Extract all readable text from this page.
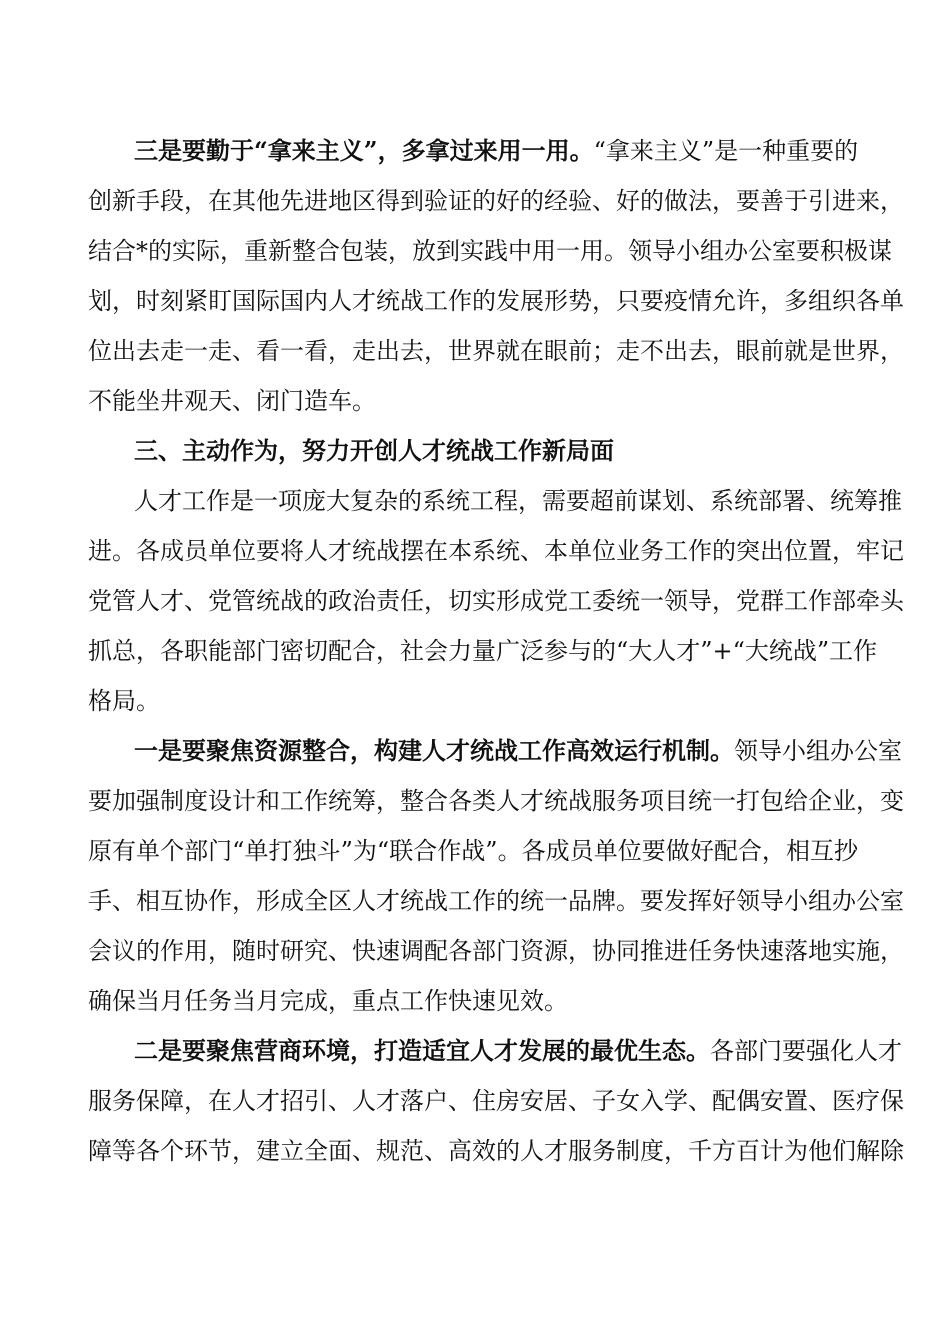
三是要勤于“拿来主义”，多拿过来用一用。“拿来主义”是一种重要的
创新手段，在其他先进地区得到验证的好的经验、好的做法，要善于引进来，
结合*的实际，重新整合包装，放到实践中用一用。领导小组办公室要积极谋
划，时刻紧盯国际国内人才统战工作的发展形势，只要疫情允许，多组织各单
位出去走一走、看一看，走出去，世界就在眼前；走不出去，眼前就是世界，
不能坐井观天、闭门造车。
三、主动作为，努力开创人才统战工作新局面
人才工作是一项庞大复杂的系统工程，需要超前谋划、系统部署、统筹推
进。各成员单位要将人才统战摆在本系统、本单位业务工作的突出位置，牢记
党管人才、党管统战的政治责任，切实形成党工委统一领导，党群工作部牵头
抓总，各职能部门密切配合，社会力量广泛参与的“大人才”+“大统战”工作
格局。
一是要聚焦资源整合，构建人才统战工作高效运行机制。领导小组办公室
要加强制度设计和工作统筹，整合各类人才统战服务项目统一打包给企业，变
原有单个部门“单打独斗”为“联合作战”。各成员单位要做好配合，相互抄
手、相互协作，形成全区人才统战工作的统一品牌。要发挥好领导小组办公室
会议的作用，随时研究、快速调配各部门资源，协同推进任务快速落地实施，
确保当月任务当月完成，重点工作快速见效。
二是要聚焦营商环境，打造适宜人才发展的最优生态。各部门要强化人才
服务保障，在人才招引、人才落户、住房安居、子女入学、配偶安置、医疗保
障等各个环节，建立全面、规范、高效的人才服务制度，千方百计为他们解除
